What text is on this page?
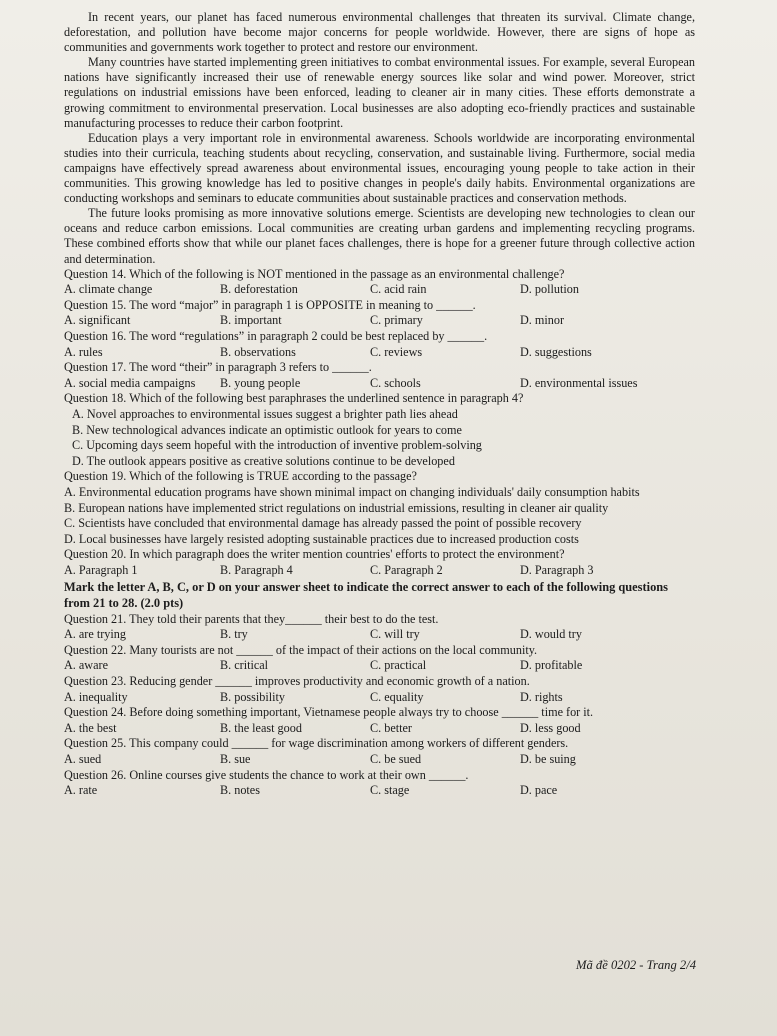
In recent years, our planet has faced numerous environmental challenges that threaten its survival. Climate change, deforestation, and pollution have become major concerns for people worldwide. However, there are signs of hope as communities and governments work together to protect and restore our environment.

Many countries have started implementing green initiatives to combat environmental issues. For example, several European nations have significantly increased their use of renewable energy sources like solar and wind power. Moreover, strict regulations on industrial emissions have been enforced, leading to cleaner air in many cities. These efforts demonstrate a growing commitment to environmental preservation. Local businesses are also adopting eco-friendly practices and sustainable manufacturing processes to reduce their carbon footprint.

Education plays a very important role in environmental awareness. Schools worldwide are incorporating environmental studies into their curricula, teaching students about recycling, conservation, and sustainable living. Furthermore, social media campaigns have effectively spread awareness about environmental issues, encouraging young people to take action in their communities. This growing knowledge has led to positive changes in people's daily habits. Environmental organizations are conducting workshops and seminars to educate communities about sustainable practices and conservation methods.

The future looks promising as more innovative solutions emerge. Scientists are developing new technologies to clean our oceans and reduce carbon emissions. Local communities are creating urban gardens and implementing recycling programs. These combined efforts show that while our planet faces challenges, there is hope for a greener future through collective action and determination.

Question 14. Which of the following is NOT mentioned in the passage as an environmental challenge?
A. climate change	B. deforestation	C. acid rain	D. pollution
Question 15. The word “major” in paragraph 1 is OPPOSITE in meaning to ______.
A. significant	B. important	C. primary	D. minor
Question 16. The word “regulations” in paragraph 2 could be best replaced by ______.
A. rules	B. observations	C. reviews	D. suggestions
Question 17. The word “their” in paragraph 3 refers to ______.
A. social media campaigns	B. young people	C. schools	D. environmental issues
Question 18. Which of the following best paraphrases the underlined sentence in paragraph 4?
A. Novel approaches to environmental issues suggest a brighter path lies ahead
B. New technological advances indicate an optimistic outlook for years to come
C. Upcoming days seem hopeful with the introduction of inventive problem-solving
D. The outlook appears positive as creative solutions continue to be developed
Question 19. Which of the following is TRUE according to the passage?
A. Environmental education programs have shown minimal impact on changing individuals' daily consumption habits
B. European nations have implemented strict regulations on industrial emissions, resulting in cleaner air quality
C. Scientists have concluded that environmental damage has already passed the point of possible recovery
D. Local businesses have largely resisted adopting sustainable practices due to increased production costs
Question 20. In which paragraph does the writer mention countries' efforts to protect the environment?
A. Paragraph 1	B. Paragraph 4	C. Paragraph 2	D. Paragraph 3

Mark the letter A, B, C, or D on your answer sheet to indicate the correct answer to each of the following questions from 21 to 28. (2.0 pts)

Question 21. They told their parents that they______ their best to do the test.
A. are trying	B. try	C. will try	D. would try
Question 22. Many tourists are not ______ of the impact of their actions on the local community.
A. aware	B. critical	C. practical	D. profitable
Question 23. Reducing gender ______ improves productivity and economic growth of a nation.
A. inequality	B. possibility	C. equality	D. rights
Question 24. Before doing something important, Vietnamese people always try to choose ______ time for it.
A. the best	B. the least good	C. better	D. less good
Question 25. This company could ______ for wage discrimination among workers of different genders.
A. sued	B. sue	C. be sued	D. be suing
Question 26. Online courses give students the chance to work at their own ______.
A. rate	B. notes	C. stage	D. pace
Mã đề 0202 - Trang 2/4
